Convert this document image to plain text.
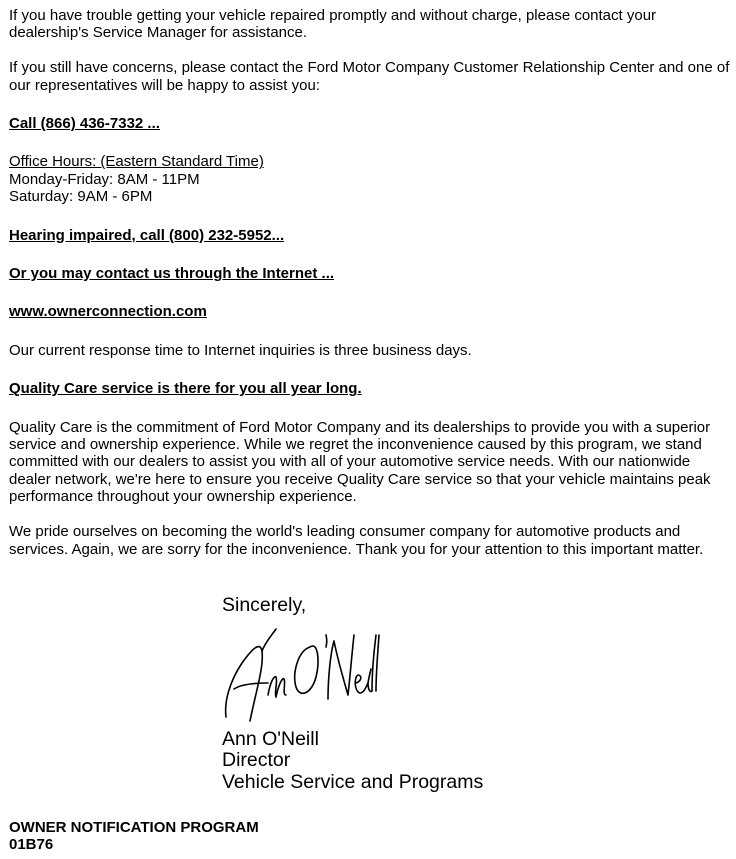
If you have trouble getting your vehicle repaired promptly and without charge, please contact your dealership's Service Manager for assistance.

If you still have concerns, please contact the Ford Motor Company Customer Relationship Center and one of our representatives will be happy to assist you:

Call (866) 436-7332 ...

Office Hours: (Eastern Standard Time)
Monday-Friday: 8AM - 11PM
Saturday: 9AM - 6PM

Hearing impaired, call (800) 232-5952...

Or you may contact us through the Internet ...

www.ownerconnection.com

Our current response time to Internet inquiries is three business days.

Quality Care service is there for you all year long.

Quality Care is the commitment of Ford Motor Company and its dealerships to provide you with a superior service and ownership experience. While we regret the inconvenience caused by this program, we stand committed with our dealers to assist you with all of your automotive service needs. With our nationwide dealer network, we're here to ensure you receive Quality Care service so that your vehicle maintains peak performance throughout your ownership experience.

We pride ourselves on becoming the world's leading consumer company for automotive products and services. Again, we are sorry for the inconvenience. Thank you for your attention to this important matter.

Sincerely,
Ann O'Neill
Director
Vehicle Service and Programs
OWNER NOTIFICATION PROGRAM
01B76
